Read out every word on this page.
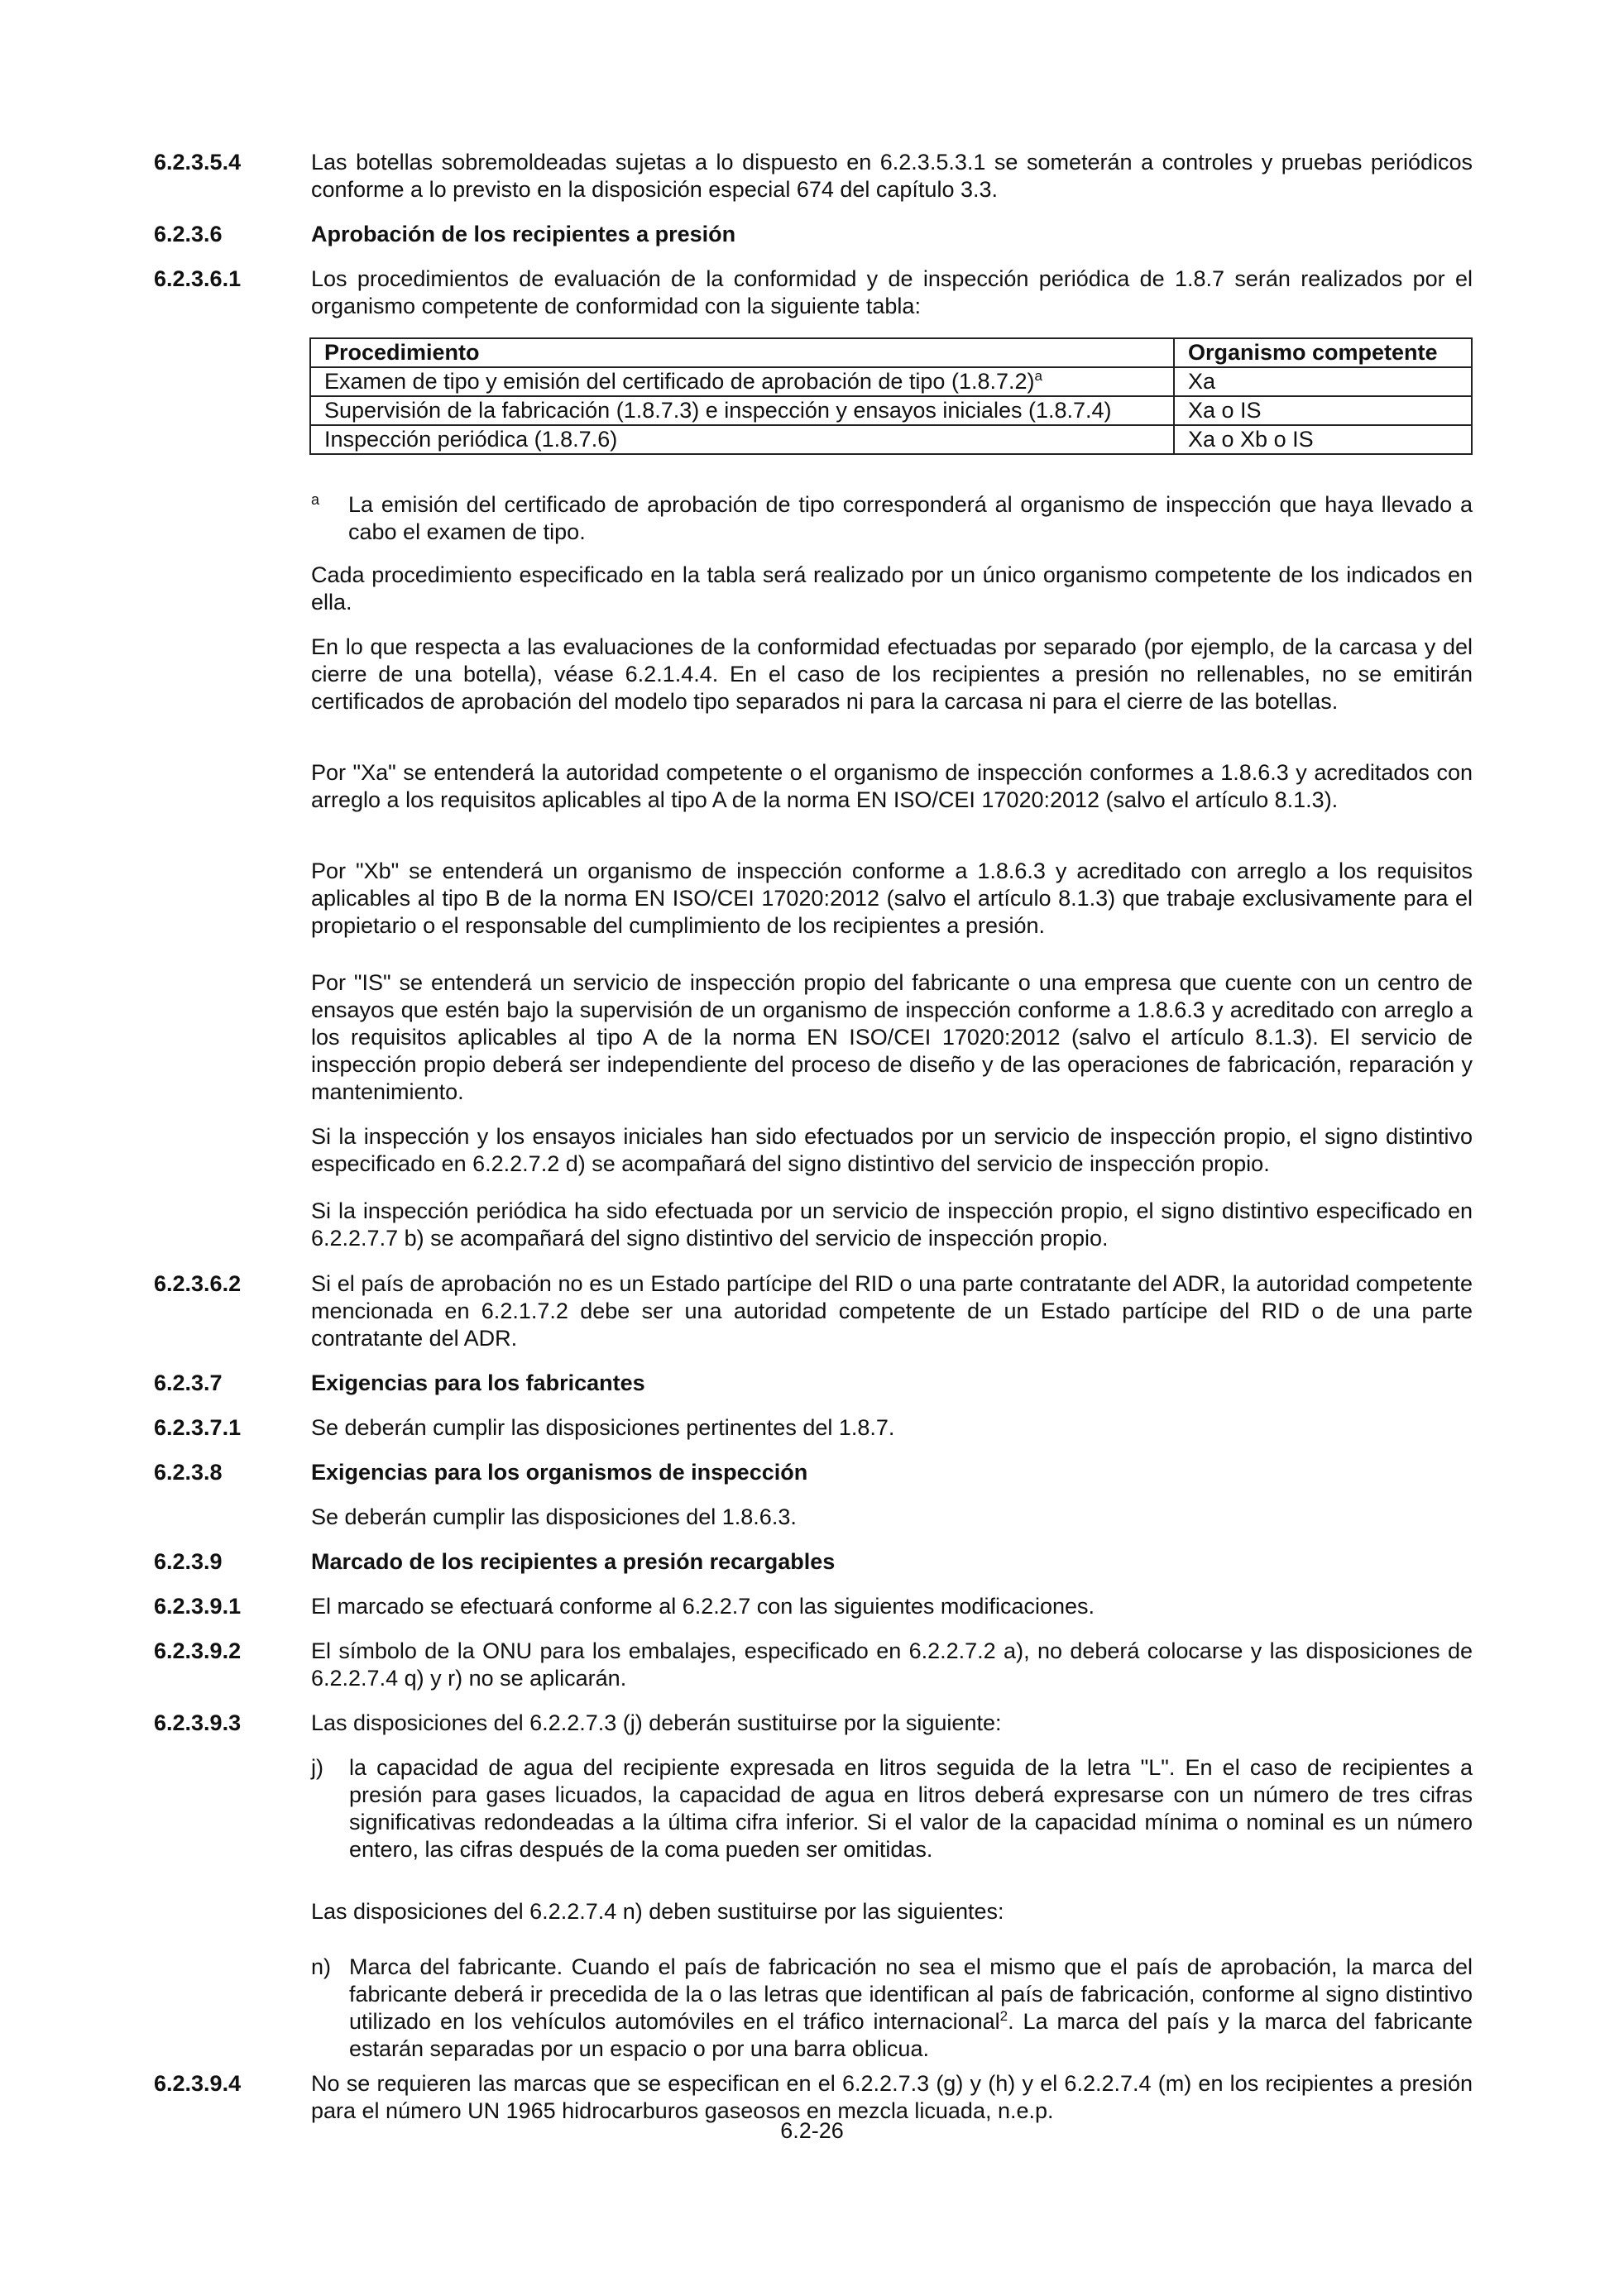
6.2.3.5.4	Las botellas sobremoldeadas sujetas a lo dispuesto en 6.2.3.5.3.1 se someterán a controles y pruebas periódicos conforme a lo previsto en la disposición especial 674 del capítulo 3.3.
6.2.3.6	Aprobación de los recipientes a presión
6.2.3.6.1	Los procedimientos de evaluación de la conformidad y de inspección periódica de 1.8.7 serán realizados por el organismo competente de conformidad con la siguiente tabla:
Procedimiento	Organismo competente
Examen de tipo y emisión del certificado de aprobación de tipo $(1.8.7.2)^a$	Xa
Supervisión de la fabricación (1.8.7.3) e inspección y ensayos iniciales (1.8.7.4)	Xa o IS
Inspección periódica (1.8.7.6)	Xa o Xb o IS
a La emisión del certificado de aprobación de tipo corresponderá al organismo de inspección que haya llevado a cabo el examen de tipo.
Cada procedimiento especificado en la tabla será realizado por un único organismo competente de los indicados en ella.
En lo que respecta a las evaluaciones de la conformidad efectuadas por separado (por ejemplo, de la carcasa y del cierre de una botella), véase 6.2.1.4.4. En el caso de los recipientes a presión no rellenables, no se emitirán certificados de aprobación del modelo tipo separados ni para la carcasa ni para el cierre de las botellas.
Por "Xa" se entenderá la autoridad competente o el organismo de inspección conformes a 1.8.6.3 y acreditados con arreglo a los requisitos aplicables al tipo A de la norma EN ISO/CEI 17020:2012 (salvo el artículo 8.1.3).
Por "Xb" se entenderá un organismo de inspección conforme a 1.8.6.3 y acreditado con arreglo a los requisitos aplicables al tipo B de la norma EN ISO/CEI 17020:2012 (salvo el artículo 8.1.3) que trabaje exclusivamente para el propietario o el responsable del cumplimiento de los recipientes a presión.
Por "IS" se entenderá un servicio de inspección propio del fabricante o una empresa que cuente con un centro de ensayos que estén bajo la supervisión de un organismo de inspección conforme a 1.8.6.3 y acreditado con arreglo a los requisitos aplicables al tipo A de la norma EN ISO/CEI 17020:2012 (salvo el artículo 8.1.3). El servicio de inspección propio deberá ser independiente del proceso de diseño y de las operaciones de fabricación, reparación y mantenimiento.
Si la inspección y los ensayos iniciales han sido efectuados por un servicio de inspección propio, el signo distintivo especificado en 6.2.2.7.2 d) se acompañará del signo distintivo del servicio de inspección propio.
Si la inspección periódica ha sido efectuada por un servicio de inspección propio, el signo distintivo especificado en 6.2.2.7.7 b) se acompañará del signo distintivo del servicio de inspección propio.
6.2.3.6.2	Si el país de aprobación no es un Estado partícipe del RID o una parte contratante del ADR, la autoridad competente mencionada en 6.2.1.7.2 debe ser una autoridad competente de un Estado partícipe del RID o de una parte contratante del ADR.
6.2.3.7	Exigencias para los fabricantes
6.2.3.7.1	Se deberán cumplir las disposiciones pertinentes del 1.8.7.
6.2.3.8	Exigencias para los organismos de inspección
Se deberán cumplir las disposiciones del 1.8.6.3.
6.2.3.9	Marcado de los recipientes a presión recargables
6.2.3.9.1	El marcado se efectuará conforme al 6.2.2.7 con las siguientes modificaciones.
6.2.3.9.2	El símbolo de la ONU para los embalajes, especificado en 6.2.2.7.2 a), no deberá colocarse y las disposiciones de 6.2.2.7.4 q) y r) no se aplicarán.
6.2.3.9.3	Las disposiciones del 6.2.2.7.3 (j) deberán sustituirse por la siguiente:
j) la capacidad de agua del recipiente expresada en litros seguida de la letra "L". En el caso de recipientes a presión para gases licuados, la capacidad de agua en litros deberá expresarse con un número de tres cifras significativas redondeadas a la última cifra inferior. Si el valor de la capacidad mínima o nominal es un número entero, las cifras después de la coma pueden ser omitidas.
Las disposiciones del 6.2.2.7.4 n) deben sustituirse por las siguientes:
n) Marca del fabricante. Cuando el país de fabricación no sea el mismo que el país de aprobación, la marca del fabricante deberá ir precedida de la o las letras que identifican al país de fabricación, conforme al signo distintivo utilizado en los vehículos automóviles en el tráfico internacional$^2$. La marca del país y la marca del fabricante estarán separadas por un espacio o por una barra oblicua.
6.2.3.9.4	No se requieren las marcas que se especifican en el 6.2.2.7.3 (g) y (h) y el 6.2.2.7.4 (m) en los recipientes a presión para el número UN 1965 hidrocarburos gaseosos en mezcla licuada, n.e.p.
6.2-26
